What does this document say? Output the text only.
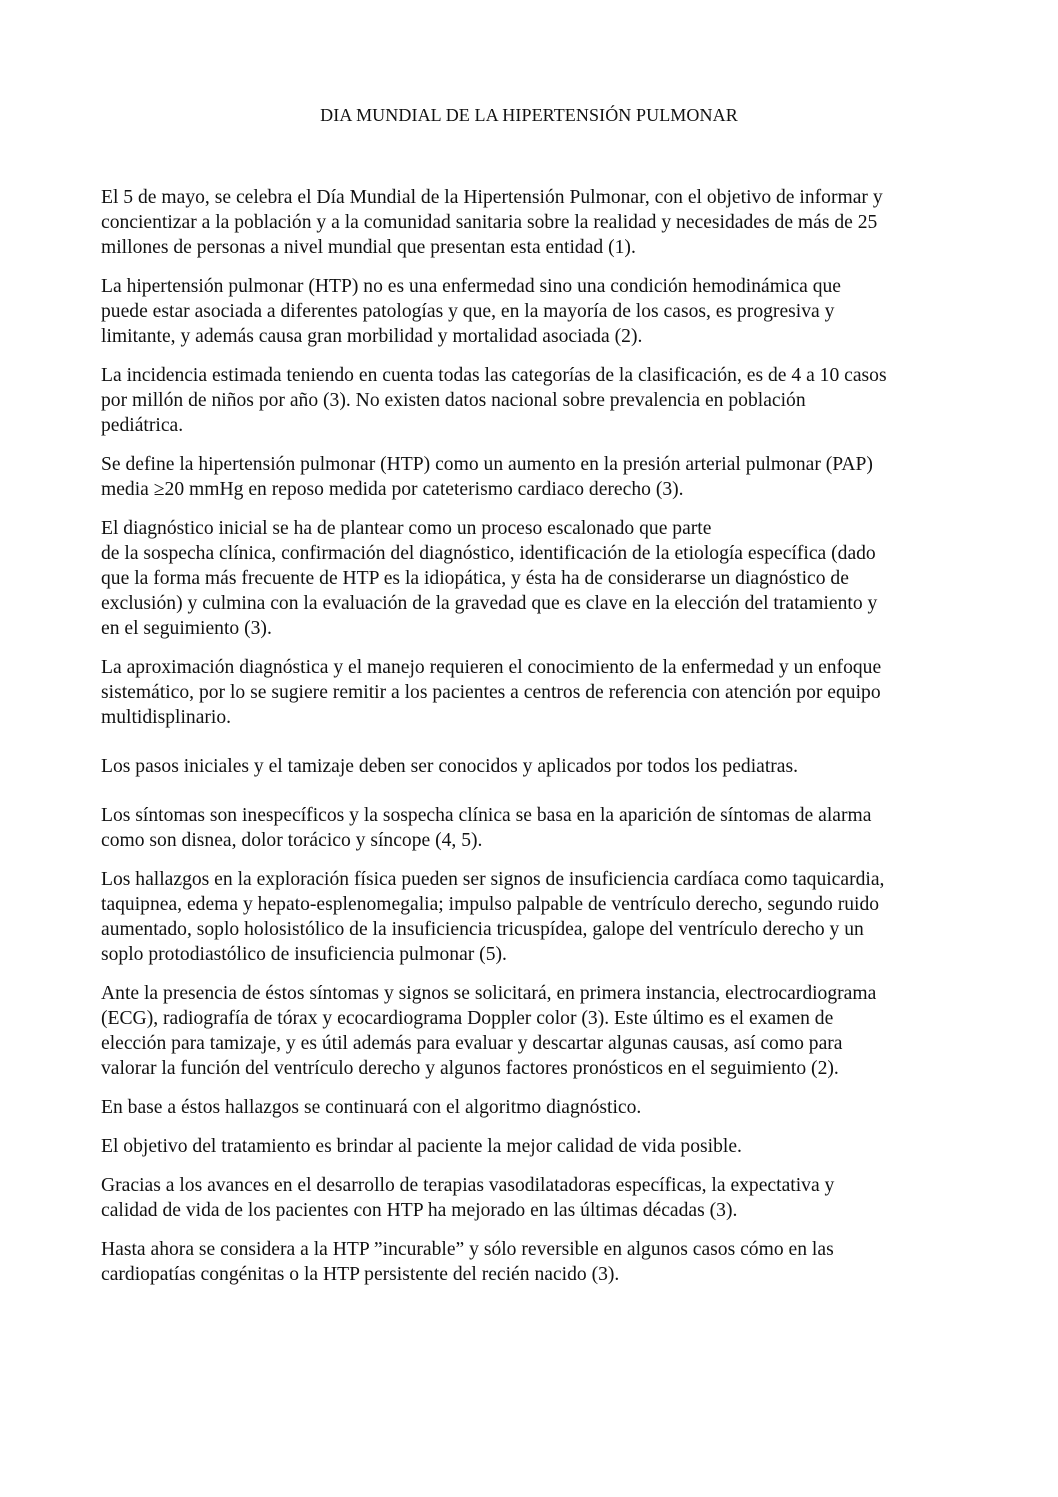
DIA MUNDIAL DE LA HIPERTENSIÓN PULMONAR

El 5 de mayo, se celebra el Día Mundial de la Hipertensión Pulmonar, con el objetivo de informar y
concientizar a la población y a la comunidad sanitaria sobre la realidad y necesidades de más de 25
millones de personas a nivel mundial que presentan esta entidad (1).

La hipertensión pulmonar (HTP) no es una enfermedad sino una condición hemodinámica que
puede estar asociada a diferentes patologías y que, en la mayoría de los casos, es progresiva y
limitante, y además causa gran morbilidad y mortalidad asociada (2).

La incidencia estimada teniendo en cuenta todas las categorías de la clasificación, es de 4 a 10 casos
por millón de niños por año (3). No existen datos nacional sobre prevalencia en población
pediátrica.

Se define la hipertensión pulmonar (HTP) como un aumento en la presión arterial pulmonar (PAP)
media ≥20 mmHg en reposo medida por cateterismo cardiaco derecho (3).

El diagnóstico inicial se ha de plantear como un proceso escalonado que parte
de la sospecha clínica, confirmación del diagnóstico, identificación de la etiología específica (dado
que la forma más frecuente de HTP es la idiopática, y ésta ha de considerarse un diagnóstico de
exclusión) y culmina con la evaluación de la gravedad que es clave en la elección del tratamiento y
en el seguimiento (3).

La aproximación diagnóstica y el manejo requieren el conocimiento de la enfermedad y un enfoque
sistemático, por lo se sugiere remitir a los pacientes a centros de referencia con atención por equipo
multidisplinario.

Los pasos iniciales y el tamizaje deben ser conocidos y aplicados por todos los pediatras.

Los síntomas son inespecíficos y la sospecha clínica se basa en la aparición de síntomas de alarma
como son disnea, dolor torácico y síncope (4, 5).

Los hallazgos en la exploración física pueden ser signos de insuficiencia cardíaca como taquicardia,
taquipnea, edema y hepato-esplenomegalia; impulso palpable de ventrículo derecho, segundo ruido
aumentado, soplo holosistólico de la insuficiencia tricuspídea, galope del ventrículo derecho y un
soplo protodiastólico de insuficiencia pulmonar (5).

Ante la presencia de éstos síntomas y signos se solicitará, en primera instancia, electrocardiograma
(ECG), radiografía de tórax y ecocardiograma Doppler color (3). Este último es el examen de
elección para tamizaje, y es útil además para evaluar y descartar algunas causas, así como para
valorar la función del ventrículo derecho y algunos factores pronósticos en el seguimiento (2).

En base a éstos hallazgos se continuará con el algoritmo diagnóstico.

El objetivo del tratamiento es brindar al paciente la mejor calidad de vida posible.

Gracias a los avances en el desarrollo de terapias vasodilatadoras específicas, la expectativa y
calidad de vida de los pacientes con HTP ha mejorado en las últimas décadas (3).

Hasta ahora se considera a la HTP ”incurable” y sólo reversible en algunos casos cómo en las
cardiopatías congénitas o la HTP persistente del recién nacido (3).
